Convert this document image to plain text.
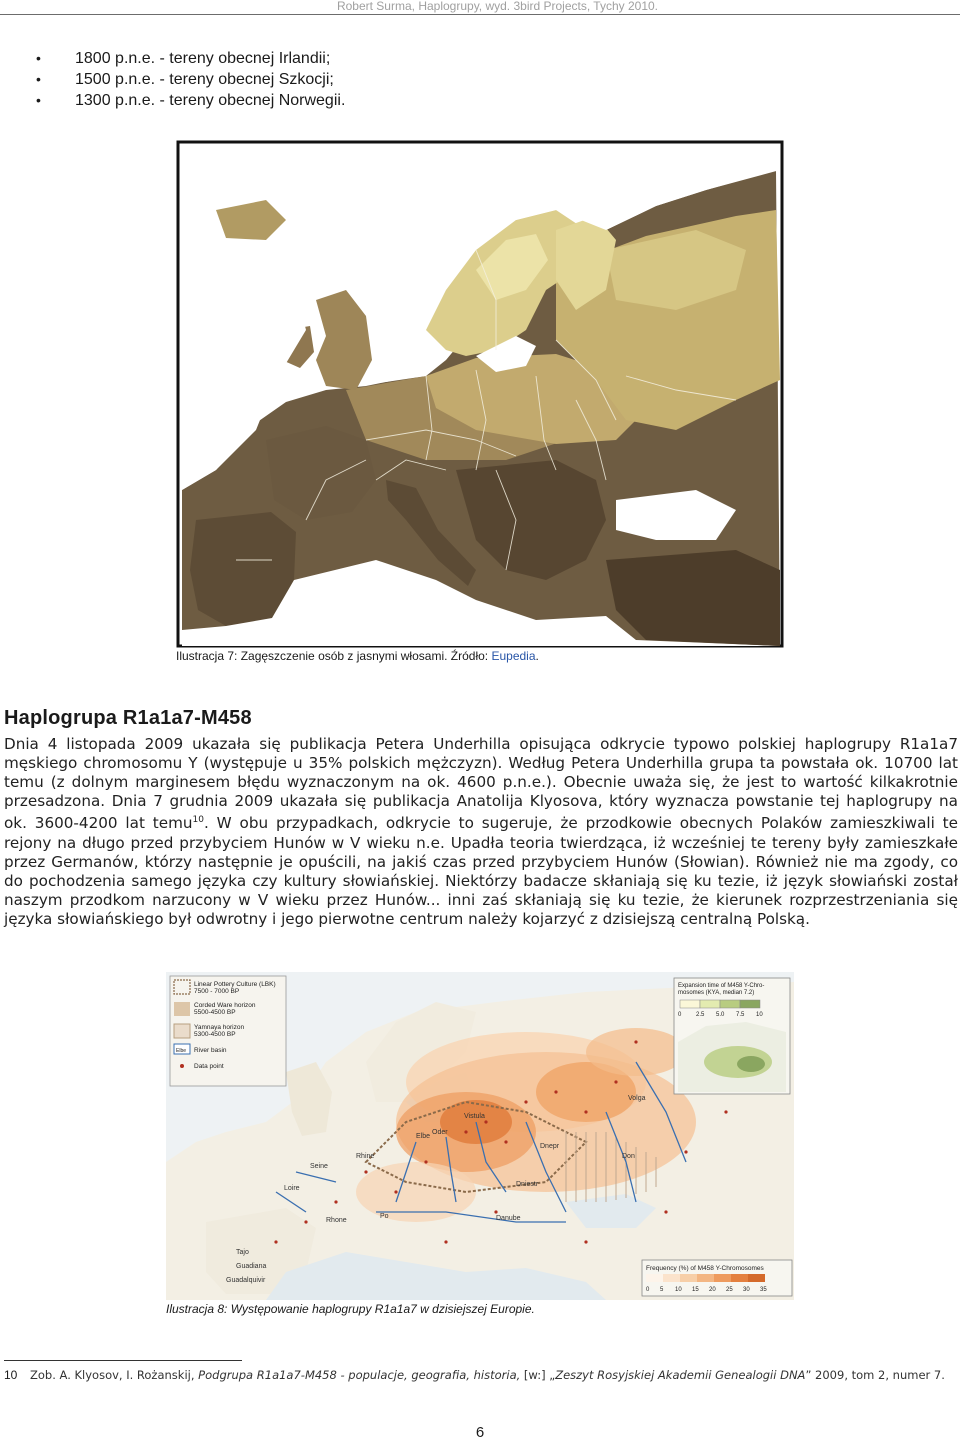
Robert Surma, Haplogrupy, wyd. 3bird Projects, Tychy 2010.
• 1800 p.n.e. - tereny obecnej Irlandii;
• 1500 p.n.e. - tereny obecnej Szkocji;
• 1300 p.n.e. - tereny obecnej Norwegii.
Ilustracja 7: Zagęszczenie osób z jasnymi włosami. Źródło: Eupedia.
Haplogrupa R1a1a7-M458
Dnia 4 listopada 2009 ukazała się publikacja Petera Underhilla opisująca odkrycie typowo polskiej haplogrupy R1a1a7 męskiego chromosomu Y (występuje u 35% polskich mężczyzn). Według Petera Underhilla grupa ta powstała ok. 10700 lat temu (z dolnym marginesem błędu wyznaczonym na ok. 4600 p.n.e.). Obecnie uważa się, że jest to wartość kilkakrotnie przesadzona. Dnia 7 grudnia 2009 ukazała się publikacja Anatolija Klyosova, który wyznacza powstanie tej haplogrupy na ok. 3600-4200 lat temu$^{10}$. W obu przypadkach, odkrycie to sugeruje, że przodkowie obecnych Polaków zamieszkiwali te rejony na długo przed przybyciem Hunów w V wieku n.e. Upadła teoria twierdząca, iż wcześniej te tereny były zamieszkałe przez Germanów, którzy następnie je opuścili, na jakiś czas przed przybyciem Hunów (Słowian). Również nie ma zgody, co do pochodzenia samego języka czy kultury słowiańskiej. Niektórzy badacze skłaniają się ku tezie, iż język słowiański został naszym przodkom narzucony w V wieku przez Hunów... inni zaś skłaniają się ku tezie, że kierunek rozprzestrzeniania się języka słowiańskiego był odwrotny i jego pierwotne centrum należy kojarzyć z dzisiejszą centralną Polską.
Elbe
Oder
Vistula
Dnepr
Don
Volga
Danube
Seine
Loire
Rhine
Rhone
Po
Tajo
Guadiana
Guadalquivir
Dniestr
Linear Pottery Culture (LBK)
7500 - 7000 BP
Corded Ware horizon
5500-4500 BP
Yamnaya horizon
5300-4500 BP
Elbe River basin
Data point
Expansion time of M458 Y-Chro-
mosomes (KYA, median 7.2)
0 2.5 5.0 7.5 10
Frequency (%) of M458 Y-Chromosomes
0 5 10 15 20 25 30 35
Ilustracja 8: Występowanie haplogrupy R1a1a7 w dzisiejszej Europie.
10 Zob. A. Klyosov, I. Rożanskij, Podgrupa R1a1a7-M458 - populacje, geografia, historia, [w:] „Zeszyt Rosyjskiej Akademii Genealogii DNA” 2009, tom 2, numer 7.
6
